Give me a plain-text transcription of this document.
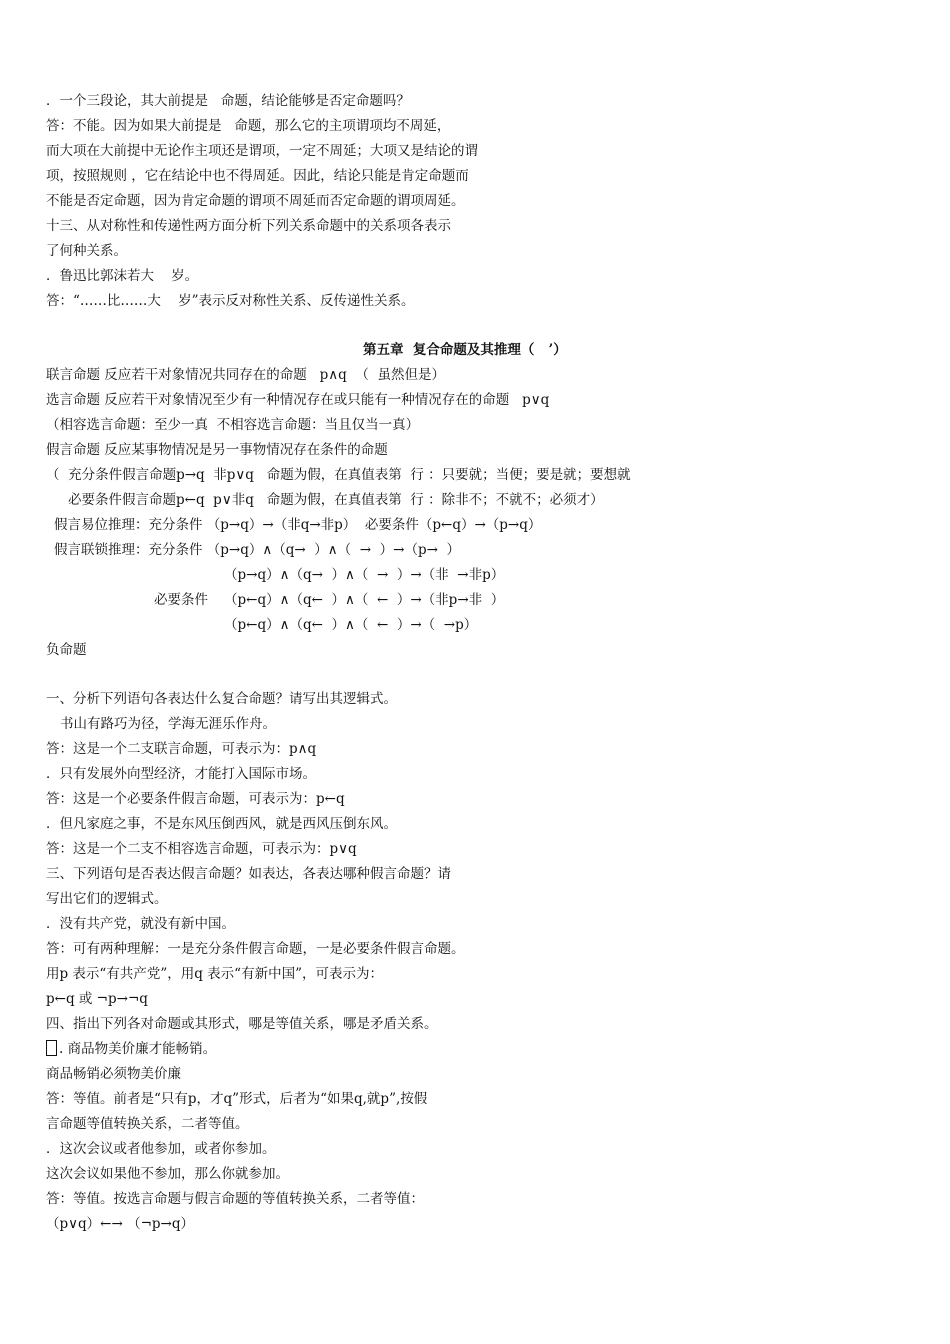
．一个三段论，其大前提是   命题，结论能够是否定命题吗？
答：不能。因为如果大前提是   命题，那么它的主项谓项均不周延，
而大项在大前提中无论作主项还是谓项，一定不周延；大项又是结论的谓
项，按照规则 ，它在结论中也不得周延。因此，结论只能是肯定命题而
不能是否定命题，因为肯定命题的谓项不周延而否定命题的谓项周延。
十三、从对称性和传递性两方面分析下列关系命题中的关系项各表示
了何种关系。
．鲁迅比郭沫若大    岁。
答：“……比……大    岁”表示反对称性关系、反传递性关系。
第五章  复合命题及其推理（   ’）
联言命题 反应若干对象情况共同存在的命题   p∧q  （  虽然但是）
选言命题 反应若干对象情况至少有一种情况存在或只能有一种情况存在的命题   p∨q
（相容选言命题：至少一真  不相容选言命题：当且仅当一真）
假言命题 反应某事物情况是另一事物情况存在条件的命题
（  充分条件假言命题p→q  非p∨q   命题为假，在真值表第  行 ：只要就；当便；要是就；要想就
必要条件假言命题p←q  p∨非q   命题为假，在真值表第  行 ：除非不；不就不；必须才）
假言易位推理：充分条件 （p→q）→（非q→非p）  必要条件（p←q）→（p→q）
假言联锁推理：充分条件 （p→q）∧（q→  ）∧（  →  ）→（p→  ）
（p→q）∧（q→  ）∧（  →  ）→（非  →非p）
必要条件 （p←q）∧（q←  ）∧（  ←  ）→（非p→非  ）
（p←q）∧（q←  ）∧（  ←  ）→（  →p）
负命题
一、分析下列语句各表达什么复合命题？请写出其逻辑式。
书山有路巧为径，学海无涯乐作舟。
答：这是一个二支联言命题，可表示为：p∧q
．只有发展外向型经济，才能打入国际市场。
答：这是一个必要条件假言命题，可表示为：p←q
．但凡家庭之事，不是东风压倒西风，就是西风压倒东风。
答：这是一个二支不相容选言命题，可表示为：p∨q
三、下列语句是否表达假言命题？如表达，各表达哪种假言命题？请
写出它们的逻辑式。
．没有共产党，就没有新中国。
答：可有两种理解：一是充分条件假言命题，一是必要条件假言命题。
用p 表示“有共产党”，用q 表示“有新中国”，可表示为：
p←q 或 ¬p→¬q
四、指出下列各对命题或其形式，哪是等值关系，哪是矛盾关系。
. 商品物美价廉才能畅销。
商品畅销必须物美价廉
答：等值。前者是“只有p，才q”形式，后者为“如果q,就p”,按假
言命题等值转换关系，二者等值。
．这次会议或者他参加，或者你参加。
这次会议如果他不参加，那么你就参加。
答：等值。按选言命题与假言命题的等值转换关系，二者等值：
（p∨q）←→ （¬p→q）
